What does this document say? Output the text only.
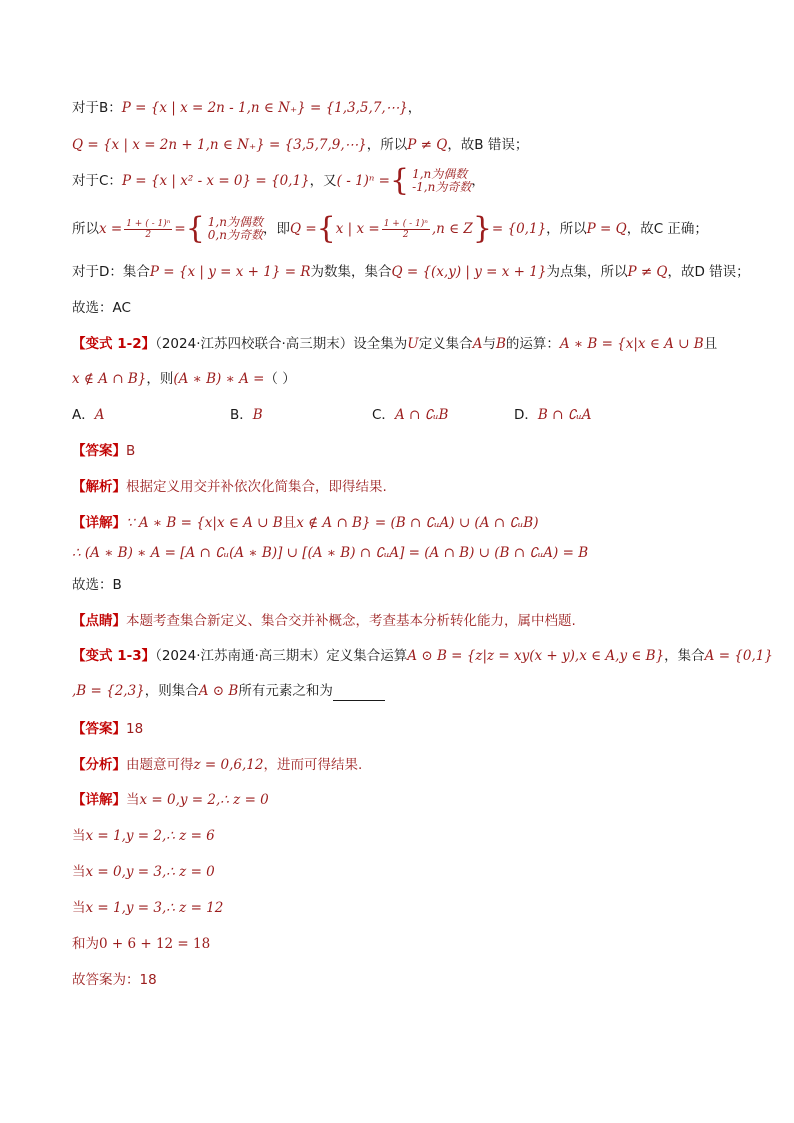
对于B：P = {x | x = 2n - 1,n ∈ N₊} = {1,3,5,7,⋯}，
Q = {x | x = 2n + 1,n ∈ N₊} = {3,5,7,9,⋯}，所以P ≠ Q，故B 错误；
对于C：P = {x | x² - x = 0} = {0,1}，又( - 1)ⁿ ={ 1,n为偶数
-1,n为奇数 ，
所以$x = \frac{\text{1 + ( - 1)ⁿ}}{2}$ ={ 1,n为偶数
0,n为奇数 ，即Q ={x | $x = \frac{\text{1 + ( - 1)ⁿ}}{2} ,n$ ∈ Z}= {0,1}，所以P = Q，故C 正确；
对于D：集合P = {x | y = x + 1} = R为数集，集合Q = {(x,y) | y = x + 1}为点集，所以P ≠ Q，故D 错误；
故选：AC
【变式 1-2】（2024·江苏四校联合·高三期末）设全集为U定义集合A与B的运算：A ∗ B = {x|x ∈ A ∪ B且
x ∉ A ∩ B}，则(A ∗ B) ∗ A =（ ）
A．A	B．B	C．A ∩ ∁ᵤB	D．B ∩ ∁ᵤA
【答案】B
【解析】根据定义用交并补依次化简集合，即得结果.
【详解】∵ A ∗ B = {x|x ∈ A ∪ B且x ∉ A ∩ B} = (B ∩ ∁ᵤA) ∪ (A ∩ ∁ᵤB)
∴ (A ∗ B) ∗ A = [A ∩ ∁ᵤ(A ∗ B)] ∪ [(A ∗ B) ∩ ∁ᵤA] = (A ∩ B) ∪ (B ∩ ∁ᵤA) = B
故选：B
【点睛】本题考查集合新定义、集合交并补概念，考查基本分析转化能力，属中档题.
【变式 1-3】（2024·江苏南通·高三期末）定义集合运算A ⊙ B = {z|z = xy(x + y),x ∈ A,y ∈ B}，集合A = {0,1}
,B = {2,3}，则集合A ⊙ B所有元素之和为
【答案】18
【分析】由题意可得z = 0,6,12，进而可得结果.
【详解】当x = 0,y = 2,∴ z = 0
当x = 1,y = 2,∴ z = 6
当x = 0,y = 3,∴ z = 0
当x = 1,y = 3,∴ z = 12
和为0 + 6 + 12 = 18
故答案为：18
